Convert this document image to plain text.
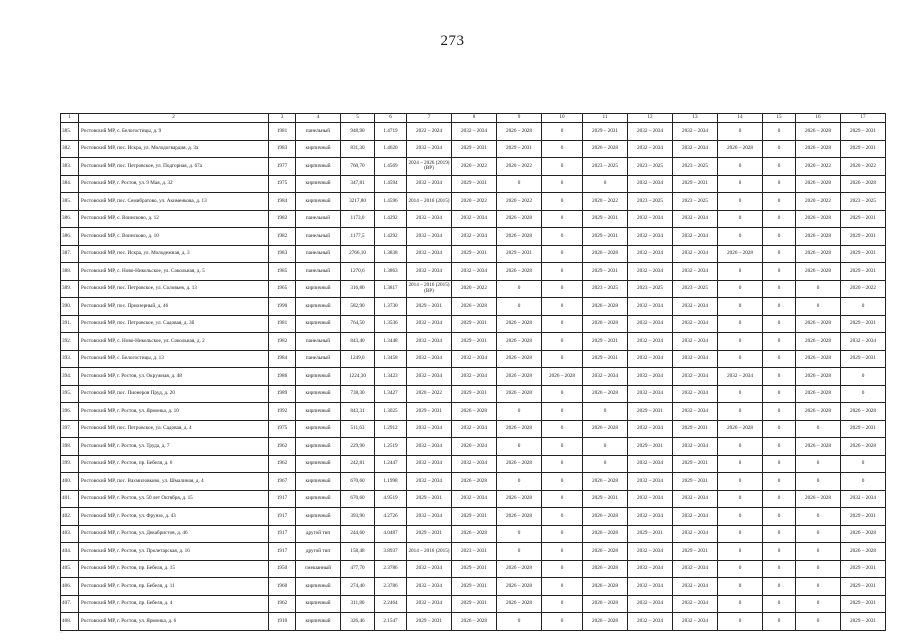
273
1	2	3	4	5	6	7	8	9	10	11	12	13	14	15	16	17
385.	Ростовский МР, с. Белогостицы, д. 9	1981	панельный	948,90	1.4719	2022 – 2024	2032 – 2034	2026 – 2028	0	2029 – 2031	2032 – 2034	2032 – 2034	0	0	2026 – 2028	2029 – 2031
382.	Ростовский МР, пос. Искра, ул. Молодогвардия, д. 3а	1983	кирпичный	831,30	1.4620	2032 – 2034	2029 – 2031	2029 – 2031	0	2026 – 2028	2032 – 2034	2032 – 2034	2026 – 2028	0	2026 – 2028	2029 – 2031
383.	Ростовский МР, пос. Петровское, ул. Подгорная, д. 67а	1977	кирпичный	760,70	1.4569	2024 – 2026 (2019) (ВР)	2020 – 2022	2020 – 2022	0	2023 – 2025	2023 – 2025	2023 – 2025	0	0	2020 – 2022	2020 – 2022
384.	Ростовский МР, г. Ростов, ул. 9 Мая, д. 32	1975	кирпичный	347,81	1.4594	2032 – 2034	2029 – 2031	0	0	0	2032 – 2034	2029 – 2031	0	0	2026 – 2028	2026 – 2028
385.	Ростовский МР, пос. Семибратово, ул. Акименкова, д. 13	1984	кирпичный	3217,80	1.4596	2014 – 2016 (2015)	2020 – 2022	2020 – 2022	0	2020 – 2022	2023 – 2025	2023 – 2025	0	0	2020 – 2022	2023 – 2025
386.	Ростовский МР, с. Воинсково, д. 12	1982	панельный	1173,0	1.4292	2032 – 2034	2032 – 2034	2026 – 2028	0	2029 – 2031	2032 – 2034	2032 – 2034	0	0	2026 – 2028	2029 – 2031
386.	Ростовский МР, с. Воинсково, д. 10	1982	панельный	1177,5	1.4292	2032 – 2034	2032 – 2034	2026 – 2028	0	2029 – 2031	2032 – 2034	2032 – 2034	0	0	2026 – 2028	2029 – 2031
387.	Ростовский МР, пос. Искра, ул. Молодежная, д. 3	1983	панельный	2766,10	1.3838	2032 – 2034	2029 – 2031	2029 – 2031	0	2026 – 2028	2032 – 2034	2032 – 2034	2026 – 2028	0	2026 – 2028	2029 – 2031
388.	Ростовский МР, с. Ново-Никольское, ул. Сокольная, д. 5	1985	панельный	1270,6	1.3863	2032 – 2034	2032 – 2034	2026 – 2028	0	2029 – 2031	2032 – 2034	2032 – 2034	0	0	2026 – 2028	2029 – 2031
389.	Ростовский МР, пос. Петровское, ул. Соловьев, д. 13	1965	кирпичный	316,80	1.3817	2014 – 2016 (2015) (ВР)	2020 – 2022	0	0	2023 – 2025	2023 – 2025	2023 – 2025	0	0	0	2020 – 2022
390.	Ростовский МР, пос. Приозерный, д. 46	1990	кирпичный	582,90	1.3730	2029 – 2031	2026 – 2028	0	0	2026 – 2028	2032 – 2034	2032 – 2034	0	0	0	0
391.	Ростовский МР, пос. Петровское, ул. Садовая, д. 3б	1981	кирпичный	764,50	1.3536	2032 – 2034	2029 – 2031	2026 – 2028	0	2026 – 2028	2032 – 2034	2032 – 2034	0	0	2026 – 2028	2029 – 2031
392.	Ростовский МР, с. Ново-Никольское, ул. Сокольная, д. 2	1982	панельный	843,40	1.3448	2032 – 2034	2029 – 2031	2026 – 2028	0	2029 – 2031	2032 – 2034	2032 – 2034	0	0	2026 – 2028	2032 – 2034
393.	Ростовский МР, с. Белогостицы, д. 13	1984	панельный	1249,0	1.3458	2032 – 2034	2032 – 2034	2026 – 2028	0	2029 – 2031	2032 – 2034	2032 – 2034	0	0	2026 – 2028	2029 – 2031
394.	Ростовский МР, г. Ростов, ул. Окружная, д. 48	1986	кирпичный	1224,30	1.3423	2032 – 2034	2032 – 2034	2026 – 2028	2026 – 2028	2032 – 2034	2032 – 2034	2032 – 2034	2032 – 2034	0	2026 – 2028	0
395.	Ростовский МР, пос. Пионеров Пруд, д. 20	1989	кирпичный	738,30	1.3427	2020 – 2022	2029 – 2031	2026 – 2028	0	2026 – 2028	2032 – 2034	2032 – 2034	0	0	2026 – 2028	0
396.	Ростовский МР, г. Ростов, ул. Ярмонка, д. 10	1992	кирпичный	843,31	1.3025	2029 – 2031	2026 – 2028	0	0	0	2029 – 2031	2032 – 2034	0	0	2026 – 2028	2026 – 2028
397.	Ростовский МР, пос. Петровское, ул. Садовая, д. 4	1975	кирпичный	511,63	1.2912	2032 – 2034	2032 – 2034	2026 – 2028	0	2026 – 2028	2032 – 2034	2029 – 2031	2026 – 2028	0	0	2029 – 2031
398.	Ростовский МР, г. Ростов, ул. Труда, д. 7	1962	кирпичный	229,90	1.2519	2032 – 2034	2020 – 2024	0	0	0	2029 – 2031	2032 – 2034	0	0	2026 – 2028	2026 – 2028
399.	Ростовский МР, г. Ростов, пр. Бебеля, д. 6	1962	кирпичный	242,81	1.2447	2032 – 2034	2032 – 2034	2026 – 2028	0	0	2032 – 2034	2029 – 2031	0	0	0	0
400.	Ростовский МР, пос. Вахмиловково, ул. Шмалиная, д. 4	1967	кирпичный	670,60	1.1998	2032 – 2034	2026 – 2028	0	0	2026 – 2028	2032 – 2034	2029 – 2031	0	0	0	0
401.	Ростовский МР, г. Ростов, ул. 50 лет Октября, д. 15	1917	кирпичный	670,60	4.9519	2029 – 2031	2032 – 2034	2026 – 2028	0	2029 – 2031	2032 – 2034	2032 – 2034	0	0	2026 – 2028	2032 – 2034
402.	Ростовский МР, г. Ростов, ул. Фрунзе, д. 43	1917	кирпичный	393,90	4.2726	2032 – 2034	2029 – 2031	2026 – 2028	0	2026 – 2028	2032 – 2034	2032 – 2034	0	0	0	2029 – 2031
403.	Ростовский МР, г. Ростов, ул. Декабристов, д. 46	1917	другой тип	244,60	4.0487	2029 – 2031	2026 – 2028	0	0	2026 – 2028	2029 – 2031	2032 – 2034	0	0	0	2026 – 2028
404.	Ростовский МР, г. Ростов, ул. Пролетарская, д. 16	1917	другой тип	158,48	3.8937	2014 – 2016 (2015)	2023 – 2031	0	0	2026 – 2028	2032 – 2034	2029 – 2031	0	0	0	2026 – 2028
405.	Ростовский МР, г. Ростов, пр. Бебеля, д. 15	1950	смешанный	477,70	2.3786	2032 – 2034	2029 – 2031	2026 – 2028	0	2026 – 2028	2032 – 2034	2032 – 2034	0	0	0	2029 – 2031
406.	Ростовский МР, г. Ростов, пр. Бебеля, д. 11	1960	кирпичный	274,40	2.3786	2032 – 2034	2029 – 2031	2026 – 2028	0	2026 – 2028	2032 – 2034	2032 – 2034	0	0	0	2029 – 2031
407.	Ростовский МР, г. Ростов, пр. Бебеля, д. 4	1962	кирпичный	311,80	2.2464	2032 – 2034	2029 – 2031	2026 – 2028	0	2026 – 2028	2032 – 2034	2032 – 2034	0	0	0	2029 – 2031
408.	Ростовский МР, г. Ростов, ул. Ярмонка, д. 6	1910	кирпичный	326,46	2.1547	2029 – 2031	2026 – 2028	0	0	2026 – 2028	2032 – 2034	2032 – 2034	0	0	0	2029 – 2031
·
